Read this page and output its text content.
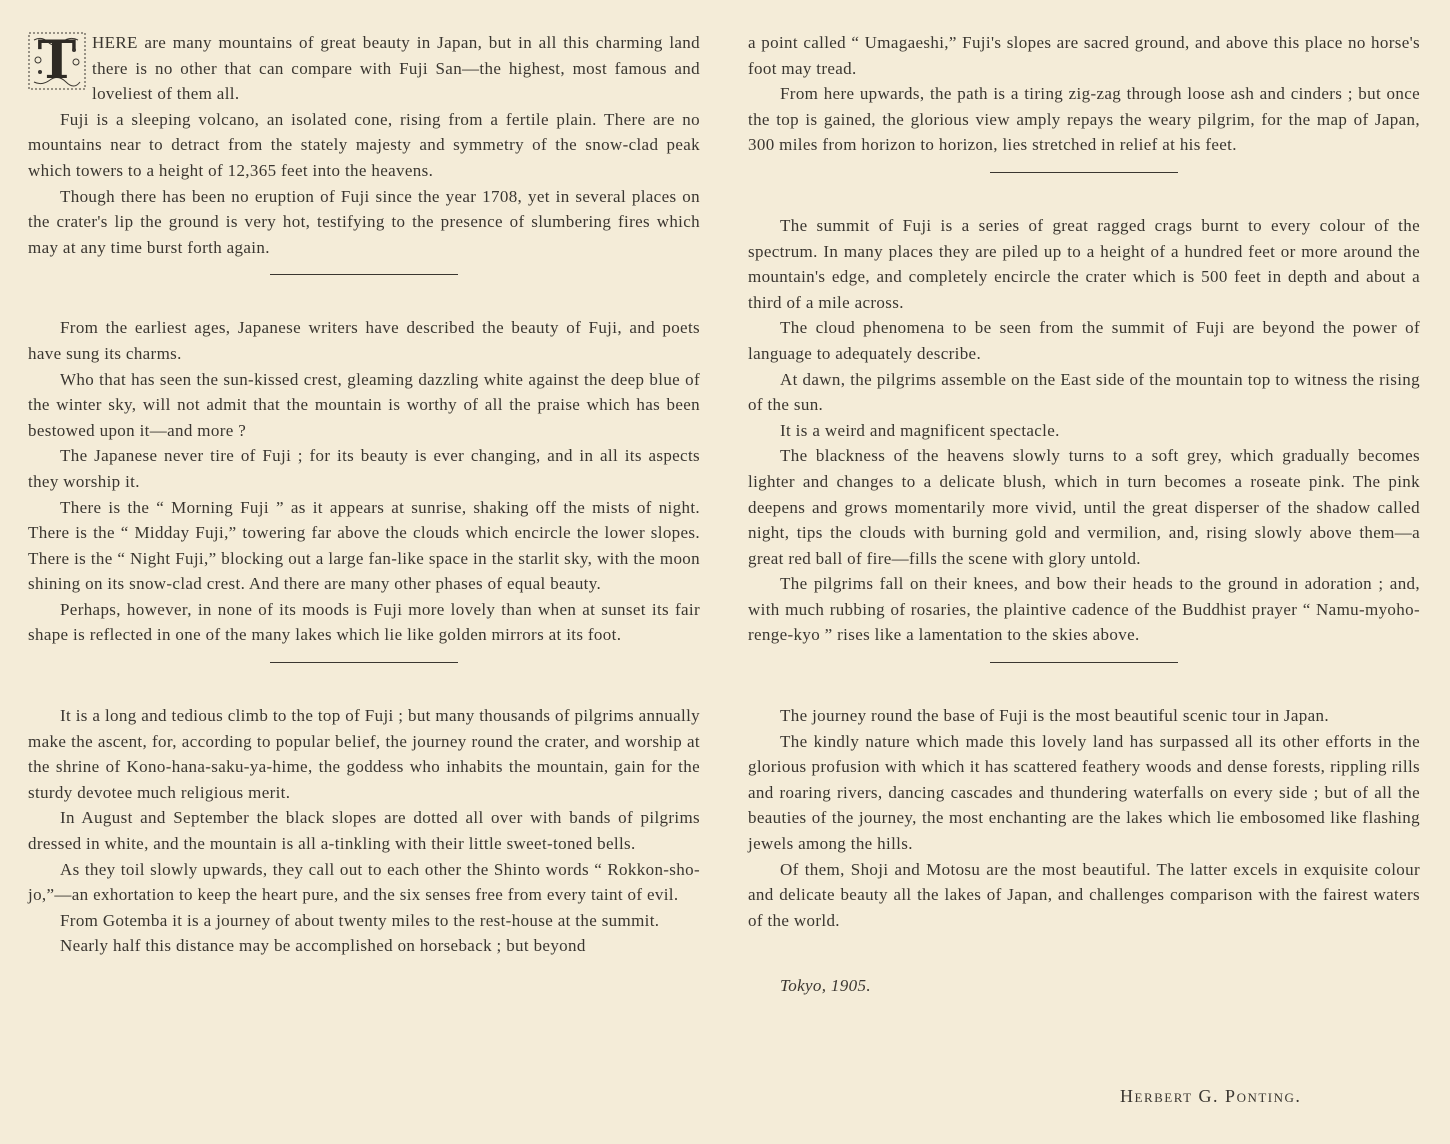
T HERE are many mountains of great beauty in Japan, but in all this charming land there is no other that can compare with Fuji San—the highest, most famous and loveliest of them all.

Fuji is a sleeping volcano, an isolated cone, rising from a fertile plain. There are no mountains near to detract from the stately majesty and symmetry of the snow-clad peak which towers to a height of 12,365 feet into the heavens.

Though there has been no eruption of Fuji since the year 1708, yet in several places on the crater's lip the ground is very hot, testifying to the presence of slumbering fires which may at any time burst forth again.

From the earliest ages, Japanese writers have described the beauty of Fuji, and poets have sung its charms.

Who that has seen the sun-kissed crest, gleaming dazzling white against the deep blue of the winter sky, will not admit that the mountain is worthy of all the praise which has been bestowed upon it—and more ?

The Japanese never tire of Fuji ; for its beauty is ever changing, and in all its aspects they worship it.

There is the “ Morning Fuji ” as it appears at sunrise, shaking off the mists of night. There is the “ Midday Fuji,” towering far above the clouds which encircle the lower slopes. There is the “ Night Fuji,” blocking out a large fan-like space in the starlit sky, with the moon shining on its snow-clad crest. And there are many other phases of equal beauty.

Perhaps, however, in none of its moods is Fuji more lovely than when at sunset its fair shape is reflected in one of the many lakes which lie like golden mirrors at its foot.

It is a long and tedious climb to the top of Fuji ; but many thousands of pilgrims annually make the ascent, for, according to popular belief, the journey round the crater, and worship at the shrine of Kono-hana-saku-ya-hime, the goddess who inhabits the mountain, gain for the sturdy devotee much religious merit.

In August and September the black slopes are dotted all over with bands of pilgrims dressed in white, and the mountain is all a-tinkling with their little sweet-toned bells.

As they toil slowly upwards, they call out to each other the Shinto words “ Rokkon-sho-jo,”—an exhortation to keep the heart pure, and the six senses free from every taint of evil.

From Gotemba it is a journey of about twenty miles to the rest-house at the summit.

Nearly half this distance may be accomplished on horseback ; but beyond

a point called “ Umagaeshi,” Fuji's slopes are sacred ground, and above this place no horse's foot may tread.

From here upwards, the path is a tiring zig-zag through loose ash and cinders ; but once the top is gained, the glorious view amply repays the weary pilgrim, for the map of Japan, 300 miles from horizon to horizon, lies stretched in relief at his feet.

The summit of Fuji is a series of great ragged crags burnt to every colour of the spectrum. In many places they are piled up to a height of a hundred feet or more around the mountain's edge, and completely encircle the crater which is 500 feet in depth and about a third of a mile across.

The cloud phenomena to be seen from the summit of Fuji are beyond the power of language to adequately describe.

At dawn, the pilgrims assemble on the East side of the mountain top to witness the rising of the sun.

It is a weird and magnificent spectacle.

The blackness of the heavens slowly turns to a soft grey, which gradually becomes lighter and changes to a delicate blush, which in turn becomes a roseate pink. The pink deepens and grows momentarily more vivid, until the great disperser of the shadow called night, tips the clouds with burning gold and vermilion, and, rising slowly above them—a great red ball of fire—fills the scene with glory untold.

The pilgrims fall on their knees, and bow their heads to the ground in adoration ; and, with much rubbing of rosaries, the plaintive cadence of the Buddhist prayer “ Namu-myoho-renge-kyo ” rises like a lamentation to the skies above.

The journey round the base of Fuji is the most beautiful scenic tour in Japan.

The kindly nature which made this lovely land has surpassed all its other efforts in the glorious profusion with which it has scattered feathery woods and dense forests, rippling rills and roaring rivers, dancing cascades and thundering waterfalls on every side ; but of all the beauties of the journey, the most enchanting are the lakes which lie embosomed like flashing jewels among the hills.

Of them, Shoji and Motosu are the most beautiful. The latter excels in exquisite colour and delicate beauty all the lakes of Japan, and challenges comparison with the fairest waters of the world.

Tokyo, 1905.

Herbert G. Ponting.
